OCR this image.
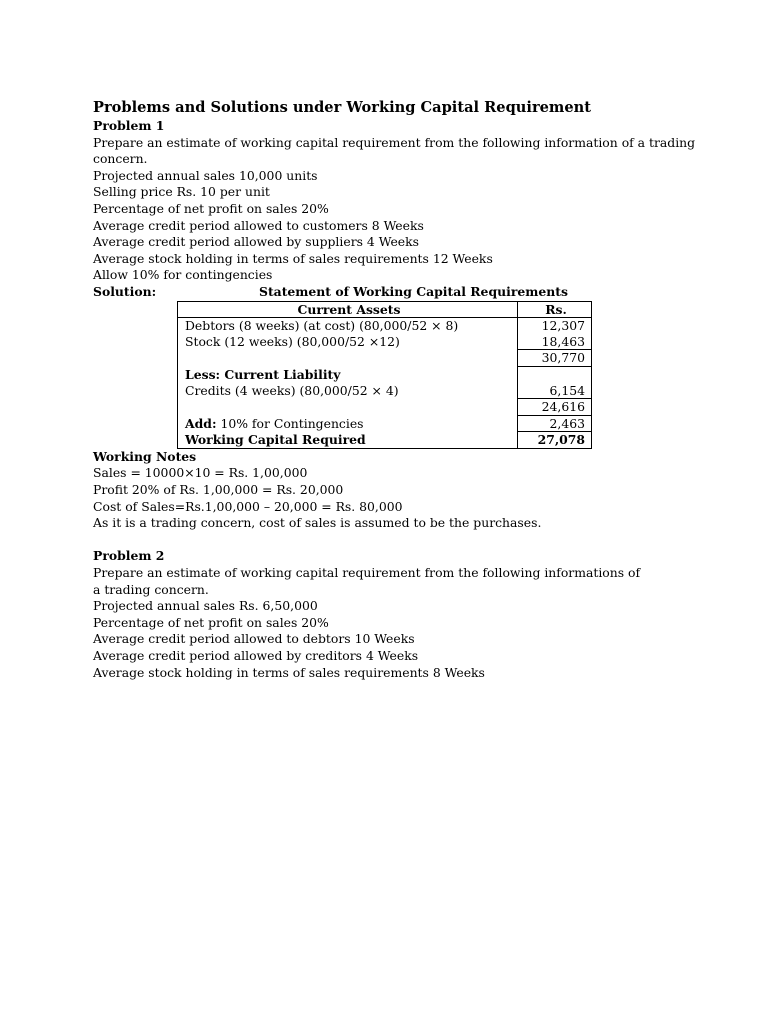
Problems and Solutions under Working Capital Requirement
Problem 1
Prepare an estimate of working capital requirement from the following information of a trading
concern.
Projected annual sales 10,000 units
Selling price Rs. 10 per unit
Percentage of net profit on sales 20%
Average credit period allowed to customers 8 Weeks
Average credit period allowed by suppliers 4 Weeks
Average stock holding in terms of sales requirements 12 Weeks
Allow 10% for contingencies
Solution:	Statement of Working Capital Requirements
Current Assets	Rs.
Debtors (8 weeks) (at cost) (80,000/52 × 8)	12,307
Stock (12 weeks) (80,000/52 ×12)	18,463
	30,770
Less: Current Liability	
Credits (4 weeks) (80,000/52 × 4)	6,154
	24,616
Add: 10% for Contingencies	2,463
Working Capital Required	27,078
Working Notes
Sales = 10000×10 = Rs. 1,00,000
Profit 20% of Rs. 1,00,000 = Rs. 20,000
Cost of Sales=Rs.1,00,000 – 20,000 = Rs. 80,000
As it is a trading concern, cost of sales is assumed to be the purchases.
Problem 2
Prepare an estimate of working capital requirement from the following informations of
a trading concern.
Projected annual sales Rs. 6,50,000
Percentage of net profit on sales 20%
Average credit period allowed to debtors 10 Weeks
Average credit period allowed by creditors 4 Weeks
Average stock holding in terms of sales requirements 8 Weeks
